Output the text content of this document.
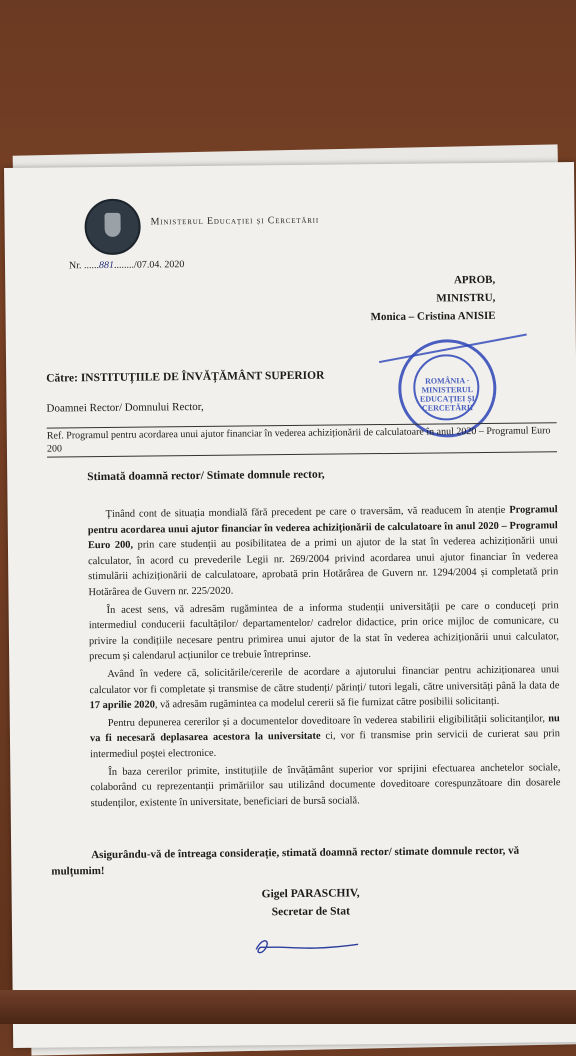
Ministerul Educației și Cercetării
Nr. ......881......../07.04. 2020
APROB,
MINISTRU,
Monica – Cristina ANISIE
ROMÂNIA · MINISTERUL EDUCAȚIEI ȘI CERCETĂRII
Către: INSTITUȚIILE DE ÎNVĂȚĂMÂNT SUPERIOR
Doamnei Rector/ Domnului Rector,
Ref. Programul pentru acordarea unui ajutor financiar în vederea achiziționării de calculatoare în anul 2020 – Programul Euro 200
Stimată doamnă rector/ Stimate domnule rector,

Ținând cont de situația mondială fără precedent pe care o traversăm, vă readucem în atenție Programul pentru acordarea unui ajutor financiar în vederea achiziționării de calculatoare în anul 2020 – Programul Euro 200, prin care studenții au posibilitatea de a primi un ajutor de la stat în vederea achiziționării unui calculator, în acord cu prevederile Legii nr. 269/2004 privind acordarea unui ajutor financiar în vederea stimulării achiziționării de calculatoare, aprobată prin Hotărârea de Guvern nr. 1294/2004 și completată prin Hotărârea de Guvern nr. 225/2020.

În acest sens, vă adresăm rugămintea de a informa studenții universității pe care o conduceți prin intermediul conducerii facultăților/ departamentelor/ cadrelor didactice, prin orice mijloc de comunicare, cu privire la condițiile necesare pentru primirea unui ajutor de la stat în vederea achiziționării unui calculator, precum și calendarul acțiunilor ce trebuie întreprinse.

Având în vedere că, solicitările/cererile de acordare a ajutorului financiar pentru achiziționarea unui calculator vor fi completate și transmise de către studenți/ părinți/ tutori legali, către universități până la data de 17 aprilie 2020, vă adresăm rugămintea ca modelul cererii să fie furnizat către posibilii solicitanți.

Pentru depunerea cererilor și a documentelor doveditoare în vederea stabilirii eligibilității solicitanților, nu va fi necesară deplasarea acestora la universitate ci, vor fi transmise prin servicii de curierat sau prin intermediul poștei electronice.

În baza cererilor primite, instituțiile de învățământ superior vor sprijini efectuarea anchetelor sociale, colaborând cu reprezentanții primăriilor sau utilizând documente doveditoare corespunzătoare din dosarele studenților, existente în universitate, beneficiari de bursă socială.

Asigurându-vă de întreaga considerație, stimată doamnă rector/ stimate domnule rector, vă mulțumim!
Gigel PARASCHIV,
Secretar de Stat
